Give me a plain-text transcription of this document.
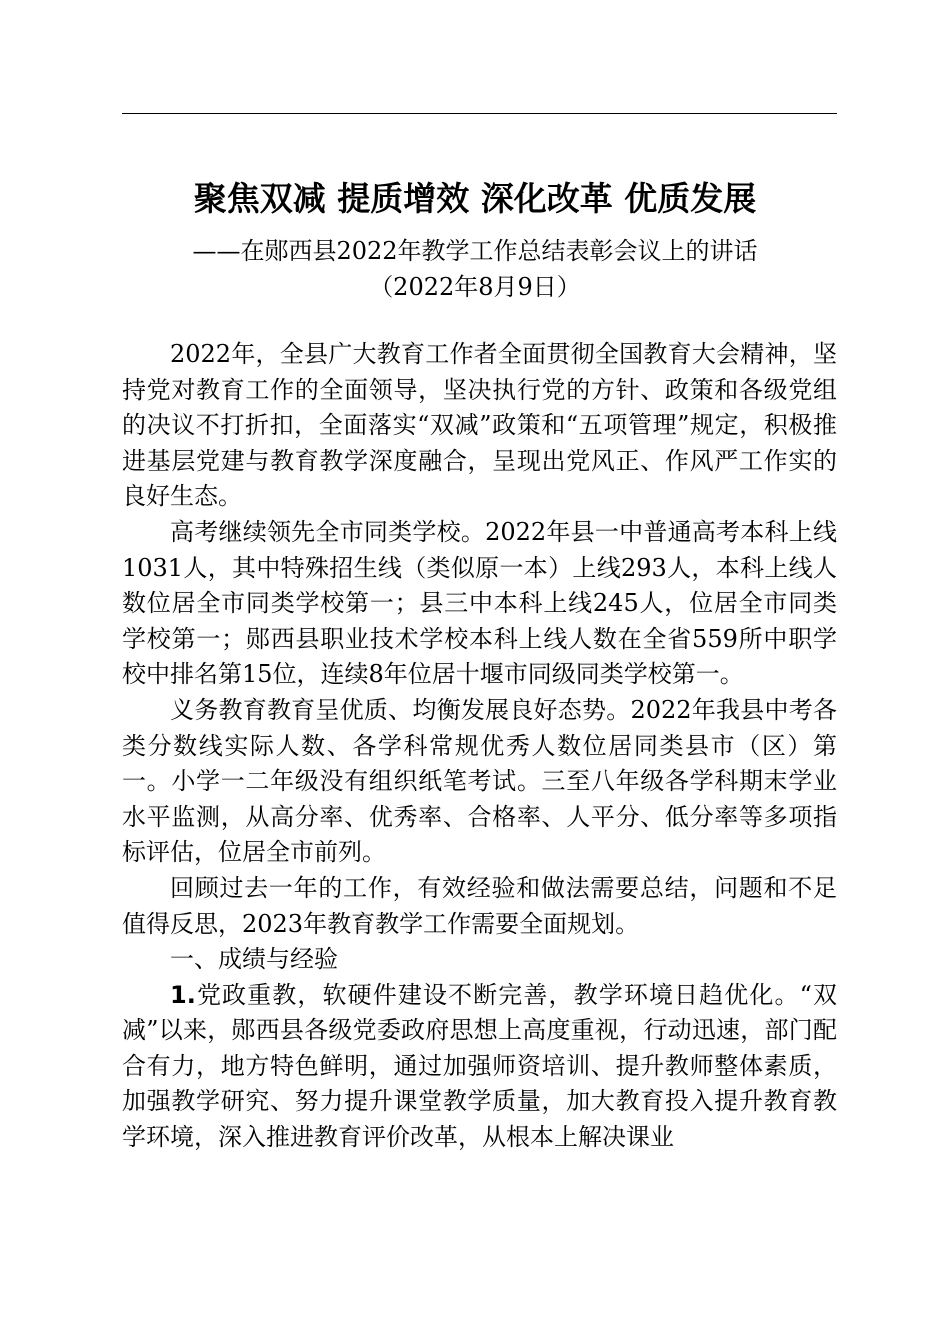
聚焦双减 提质增效 深化改革 优质发展
——在郧西县2022年教学工作总结表彰会议上的讲话
（2022年8月9日）

2022年，全县广大教育工作者全面贯彻全国教育大会精神，坚持党对教育工作的全面领导，坚决执行党的方针、政策和各级党组的决议不打折扣，全面落实“双减”政策和“五项管理”规定，积极推进基层党建与教育教学深度融合，呈现出党风正、作风严工作实的良好生态。

高考继续领先全市同类学校。2022年县一中普通高考本科上线1031人，其中特殊招生线（类似原一本）上线293人，本科上线人数位居全市同类学校第一；县三中本科上线245人，位居全市同类学校第一；郧西县职业技术学校本科上线人数在全省559所中职学校中排名第15位，连续8年位居十堰市同级同类学校第一。

义务教育教育呈优质、均衡发展良好态势。2022年我县中考各类分数线实际人数、各学科常规优秀人数位居同类县市（区）第一。小学一二年级没有组织纸笔考试。三至八年级各学科期末学业水平监测，从高分率、优秀率、合格率、人平分、低分率等多项指标评估，位居全市前列。

回顾过去一年的工作，有效经验和做法需要总结，问题和不足值得反思，2023年教育教学工作需要全面规划。

一、成绩与经验

1.党政重教，软硬件建设不断完善，教学环境日趋优化。“双减”以来，郧西县各级党委政府思想上高度重视，行动迅速，部门配合有力，地方特色鲜明，通过加强师资培训、提升教师整体素质，加强教学研究、努力提升课堂教学质量，加大教育投入提升教育教学环境，深入推进教育评价改革，从根本上解决课业
